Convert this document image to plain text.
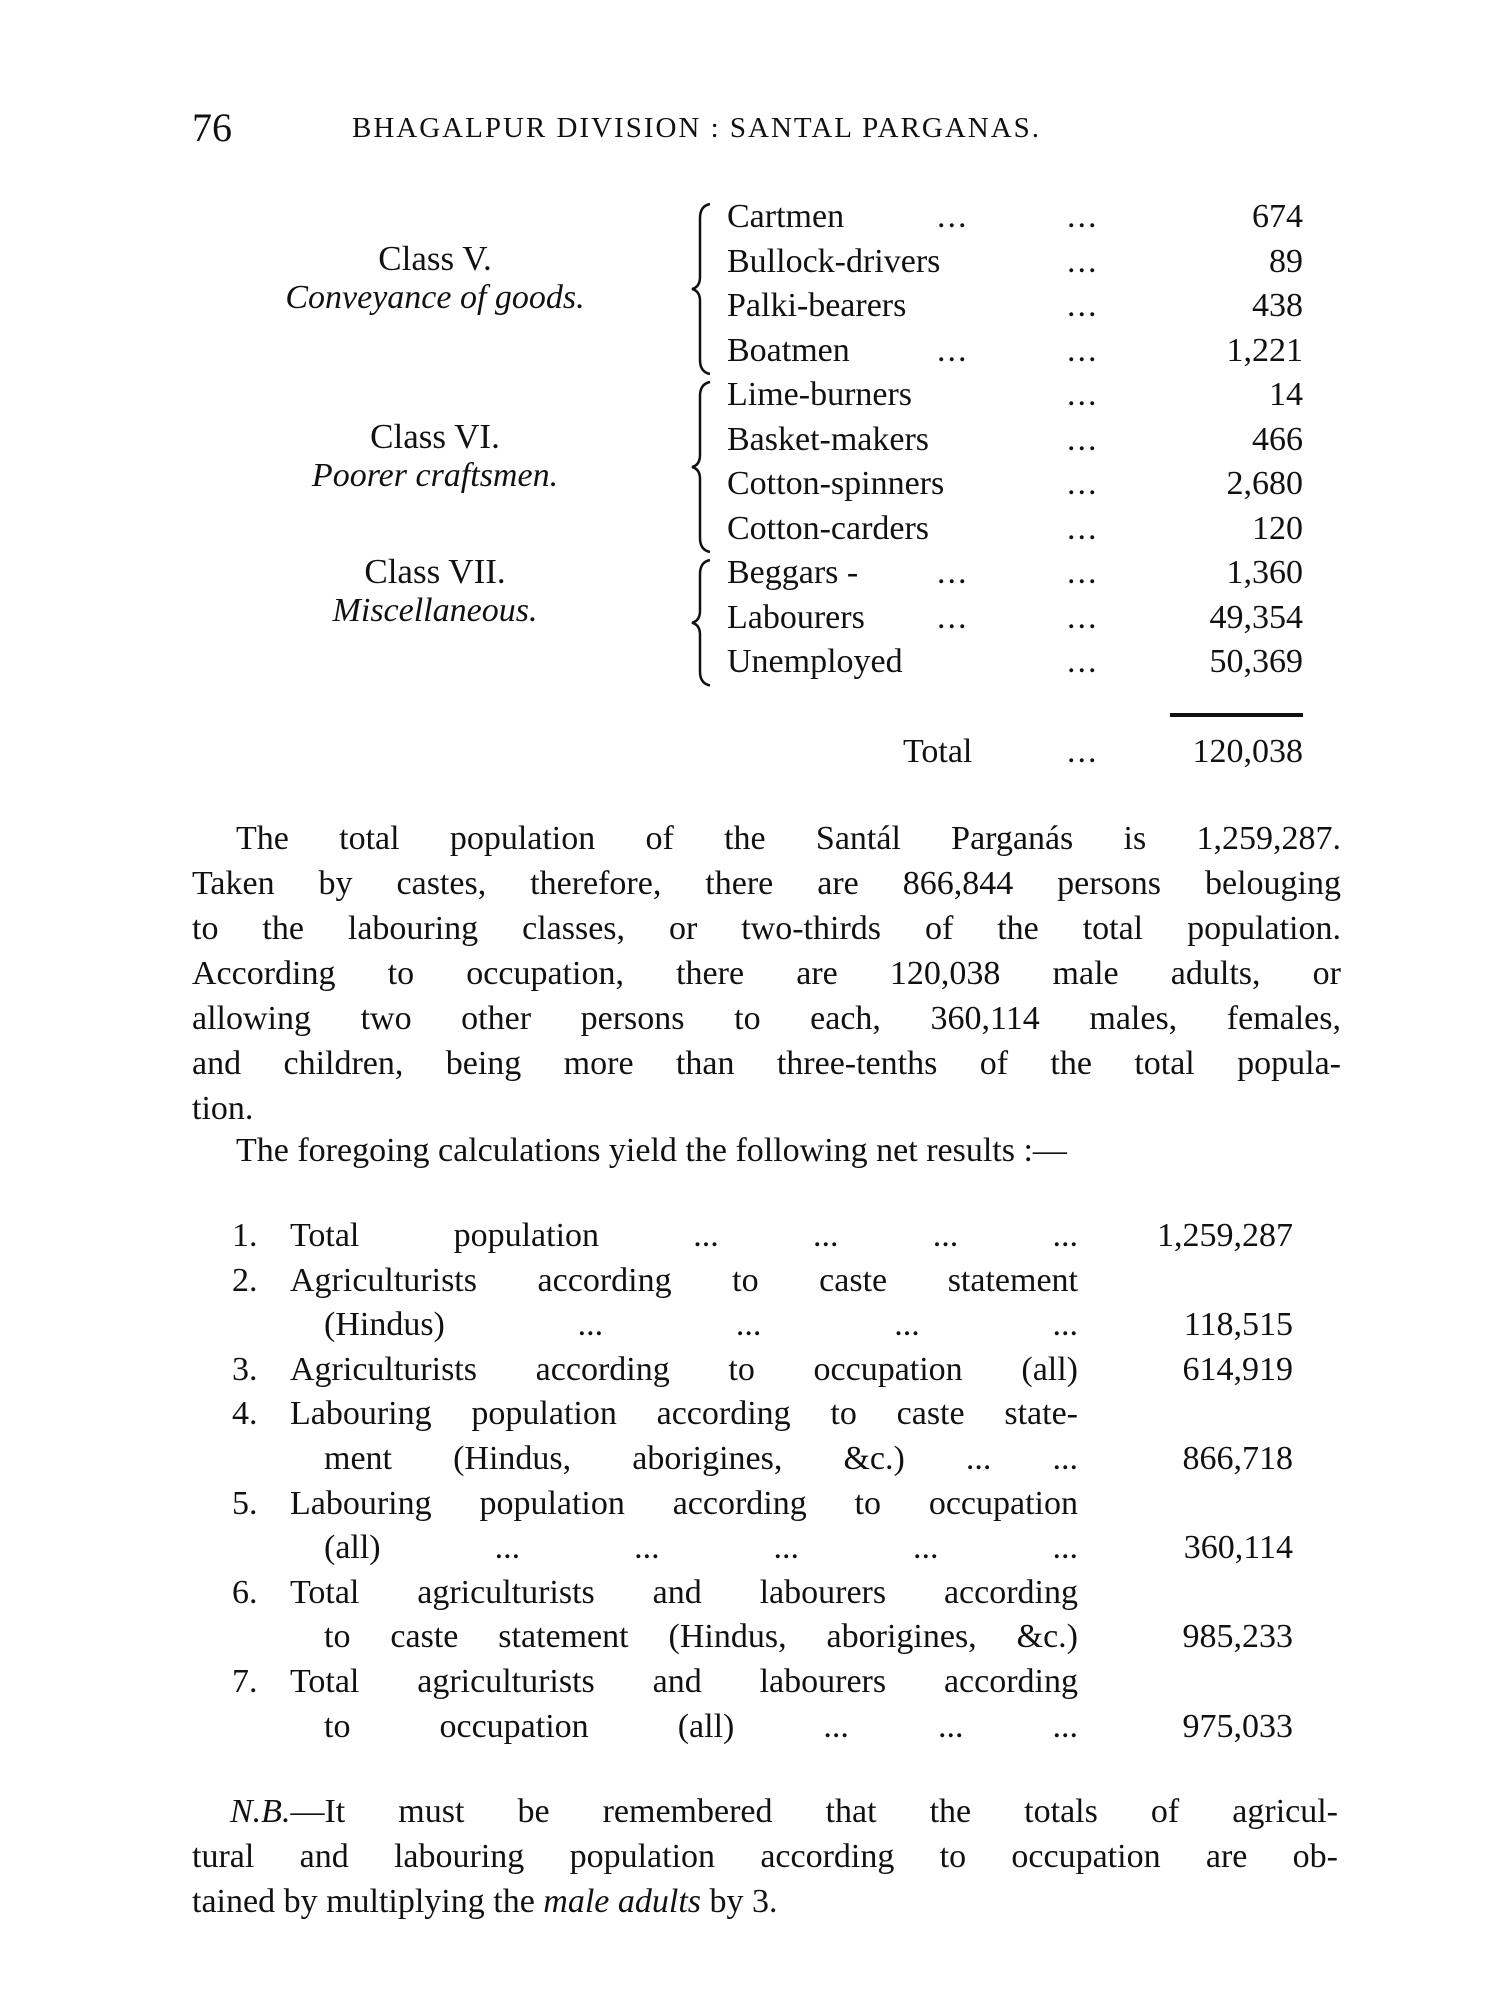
76	BHAGALPUR DIVISION : SANTAL PARGANAS.
Class V.
Conveyance of goods.
Cartmen	...	...	674
Bullock-drivers	...	89
Palki-bearers	...	438
Boatmen	...	...	1,221
Class VI.
Poorer craftsmen.
Lime-burners	...	14
Basket-makers	...	466
Cotton-spinners	...	2,680
Cotton-carders	...	120
Class VII.
Miscellaneous.
Beggars - ...	...	1,360
Labourers ...	...	49,354
Unemployed	...	50,369
Total	...	120,038
The total population of the Santál Parganás is 1,259,287.
Taken by castes, therefore, there are 866,844 persons belouging
to the labouring classes, or two-thirds of the total population.
According to occupation, there are 120,038 male adults, or
allowing two other persons to each, 360,114 males, females,
and children, being more than three-tenths of the total popula-
tion.
The foregoing calculations yield the following net results :—
1. Total population ... ... ... ... 1,259,287
2. Agriculturists according to caste statement
(Hindus) ... ... ... ...	118,515
3. Agriculturists according to occupation (all)	614,919
4. Labouring population according to caste state-
ment (Hindus, aborigines, &c.) ... ...	866,718
5. Labouring population according to occupation
(all) ... ... ... ... ...	360,114
6. Total agriculturists and labourers according
to caste statement (Hindus, aborigines, &c.)	985,233
7. Total agriculturists and labourers according
to occupation (all) ... ... ...	975,033
N.B.—It must be remembered that the totals of agricul-
tural and labouring population according to occupation are ob-
tained by multiplying the male adults by 3.
